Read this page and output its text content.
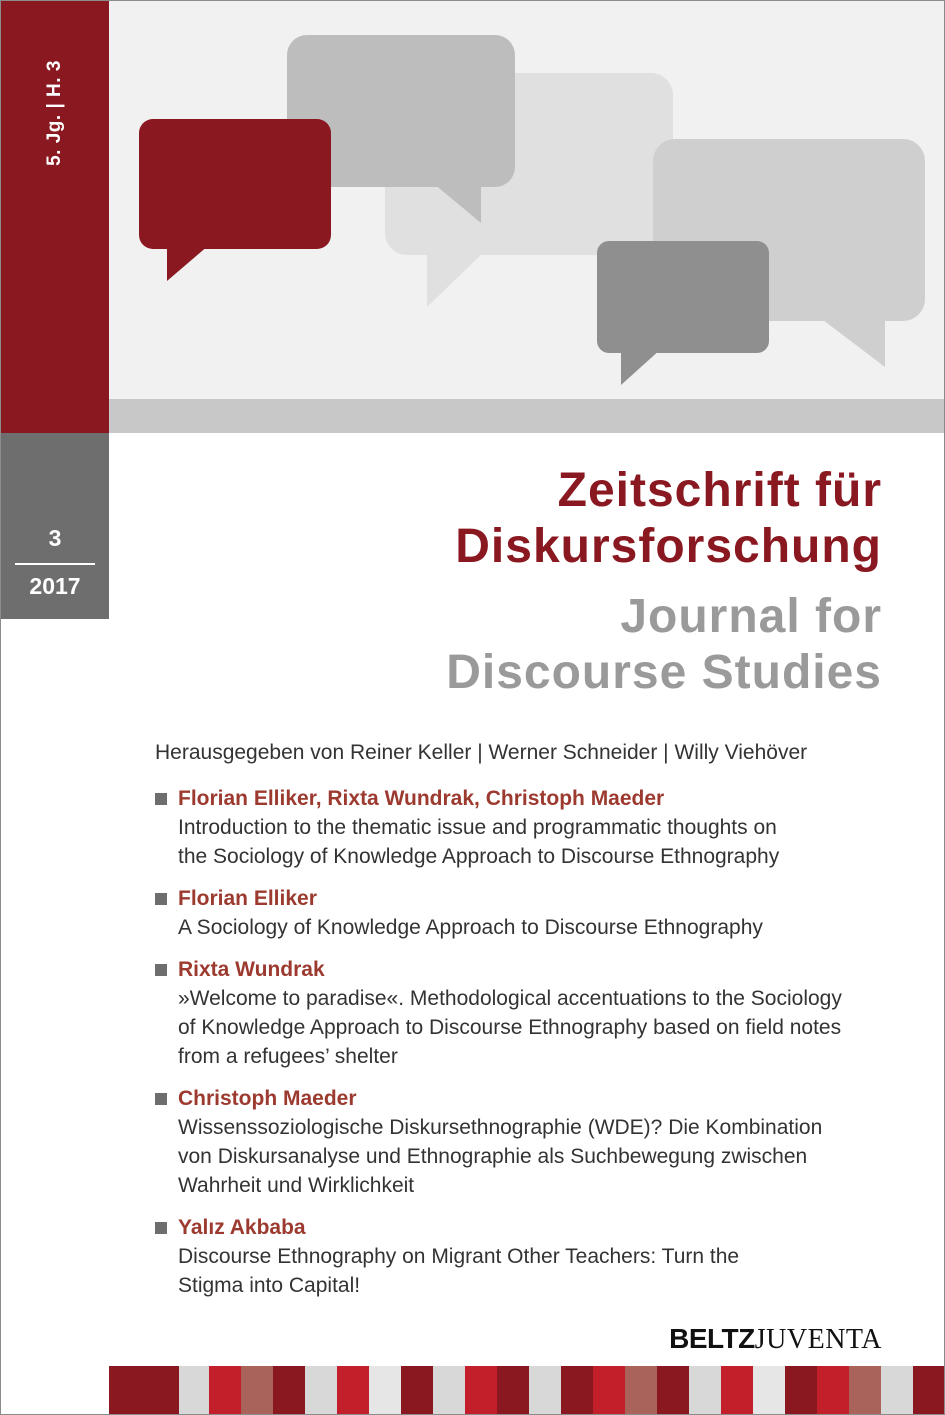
5. Jg. | H. 3
3
2017
Zeitschrift für
Diskursforschung
Journal for
Discourse Studies
Herausgegeben von Reiner Keller | Werner Schneider | Willy Viehöver
Florian Elliker, Rixta Wundrak, Christoph Maeder
Introduction to the thematic issue and programmatic thoughts on
the Sociology of Knowledge Approach to Discourse Ethnography
Florian Elliker
A Sociology of Knowledge Approach to Discourse Ethnography
Rixta Wundrak
»Welcome to paradise«. Methodological accentuations to the Sociology
of Knowledge Approach to Discourse Ethnography based on field notes
from a refugees’ shelter
Christoph Maeder
Wissenssoziologische Diskursethnographie (WDE)? Die Kombination
von Diskursanalyse und Ethnographie als Suchbewegung zwischen
Wahrheit und Wirklichkeit
Yalız Akbaba
Discourse Ethnography on Migrant Other Teachers: Turn the
Stigma into Capital!
BELTZJUVENTA
